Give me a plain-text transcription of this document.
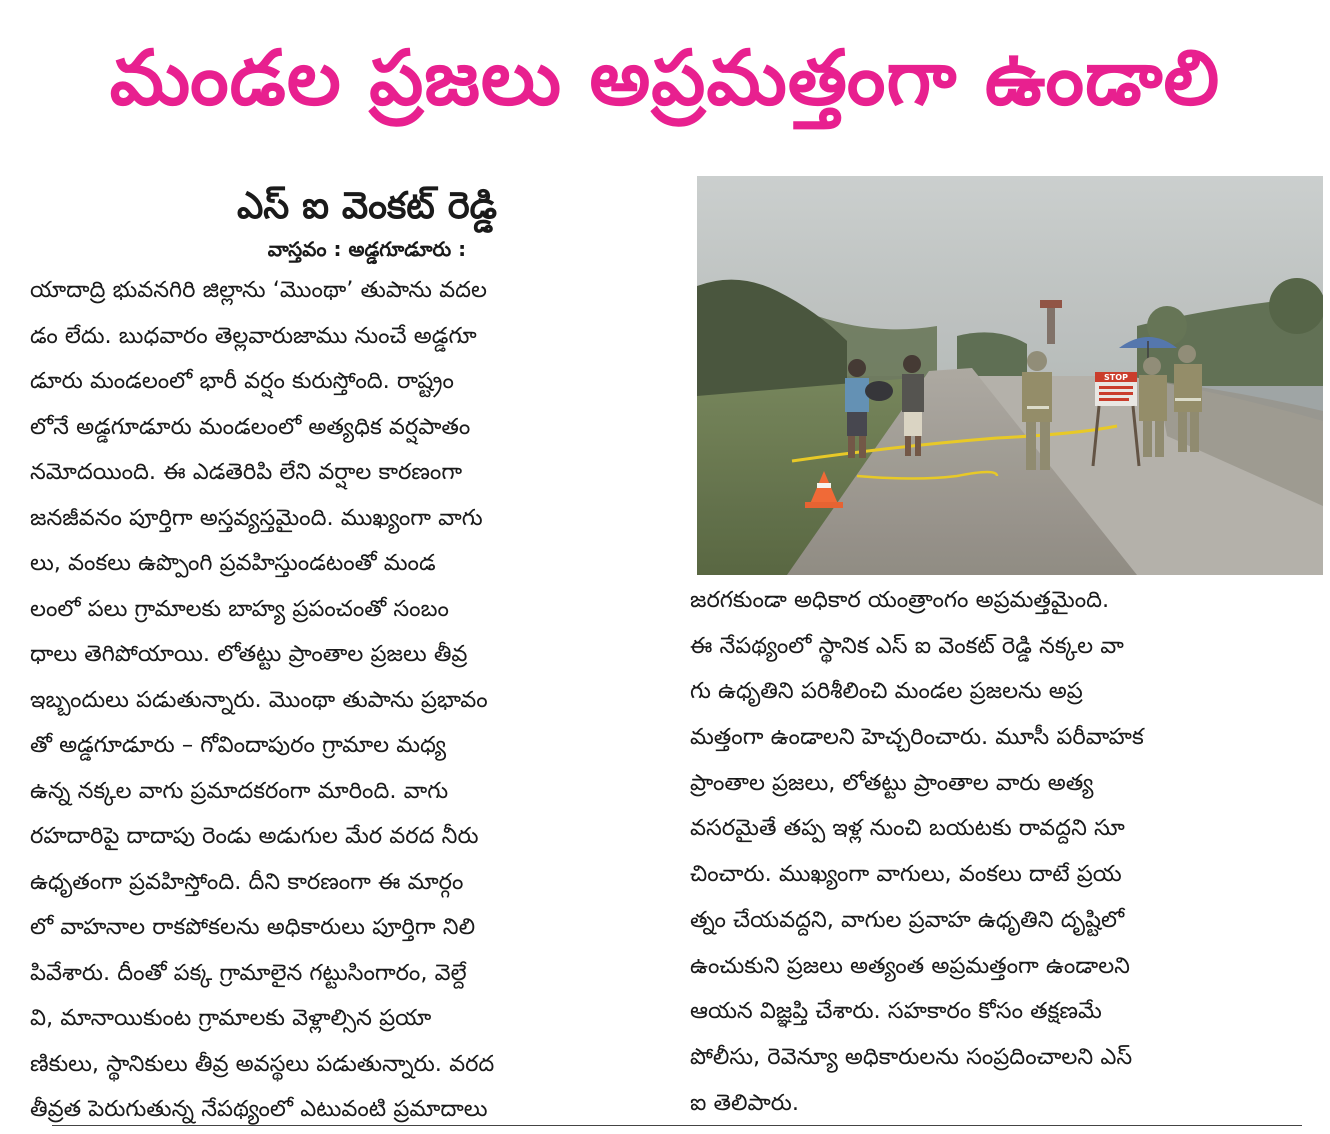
మండల ప్రజలు అప్రమత్తంగా ఉండాలి

ఎస్ ఐ వెంకట్ రెడ్డి

వాస్తవం : అడ్డగూడూరు :

యాదాద్రి భువనగిరి జిల్లాను ‘మొంథా’ తుపాను వదల
డం లేదు. బుధవారం తెల్లవారుజాము నుంచే అడ్డగూ
డూరు మండలంలో భారీ వర్షం కురుస్తోంది. రాష్ట్రం
లోనే అడ్డగూడూరు మండలంలో అత్యధిక వర్షపాతం
నమోదయింది. ఈ ఎడతెరిపి లేని వర్షాల కారణంగా
జనజీవనం పూర్తిగా అస్తవ్యస్తమైంది. ముఖ్యంగా వాగు
లు, వంకలు ఉప్పొంగి ప్రవహిస్తుండటంతో మండ
లంలో పలు గ్రామాలకు బాహ్య ప్రపంచంతో సంబం
ధాలు తెగిపోయాయి. లోతట్టు ప్రాంతాల ప్రజలు తీవ్ర
ఇబ్బందులు పడుతున్నారు. మొంథా తుపాను ప్రభావం
తో అడ్డగూడూరు – గోవిందాపురం గ్రామాల మధ్య
ఉన్న నక్కల వాగు ప్రమాదకరంగా మారింది. వాగు
రహదారిపై దాదాపు రెండు అడుగుల మేర వరద నీరు
ఉధృతంగా ప్రవహిస్తోంది. దీని కారణంగా ఈ మార్గం
లో వాహనాల రాకపోకలను అధికారులు పూర్తిగా నిలి
పివేశారు. దీంతో పక్క గ్రామాలైన గట్టుసింగారం, వెల్దే
వి, మానాయికుంట గ్రామాలకు వెళ్లాల్సిన ప్రయా
ణికులు, స్థానికులు తీవ్ర అవస్థలు పడుతున్నారు. వరద
తీవ్రత పెరుగుతున్న నేపథ్యంలో ఎటువంటి ప్రమాదాలు
STOP
జరగకుండా అధికార యంత్రాంగం అప్రమత్తమైంది.
ఈ నేపథ్యంలో స్థానిక ఎస్ ఐ వెంకట్ రెడ్డి నక్కల వా
గు ఉధృతిని పరిశీలించి మండల ప్రజలను అప్ర
మత్తంగా ఉండాలని హెచ్చరించారు. మూసీ పరీవాహక
ప్రాంతాల ప్రజలు, లోతట్టు ప్రాంతాల వారు అత్య
వసరమైతే తప్ప ఇళ్ల నుంచి బయటకు రావద్దని సూ
చించారు. ముఖ్యంగా వాగులు, వంకలు దాటే ప్రయ
త్నం చేయవద్దని, వాగుల ప్రవాహ ఉధృతిని దృష్టిలో
ఉంచుకుని ప్రజలు అత్యంత అప్రమత్తంగా ఉండాలని
ఆయన విజ్ఞప్తి చేశారు. సహకారం కోసం తక్షణమే
పోలీసు, రెవెన్యూ అధికారులను సంప్రదించాలని ఎస్
ఐ తెలిపారు.
